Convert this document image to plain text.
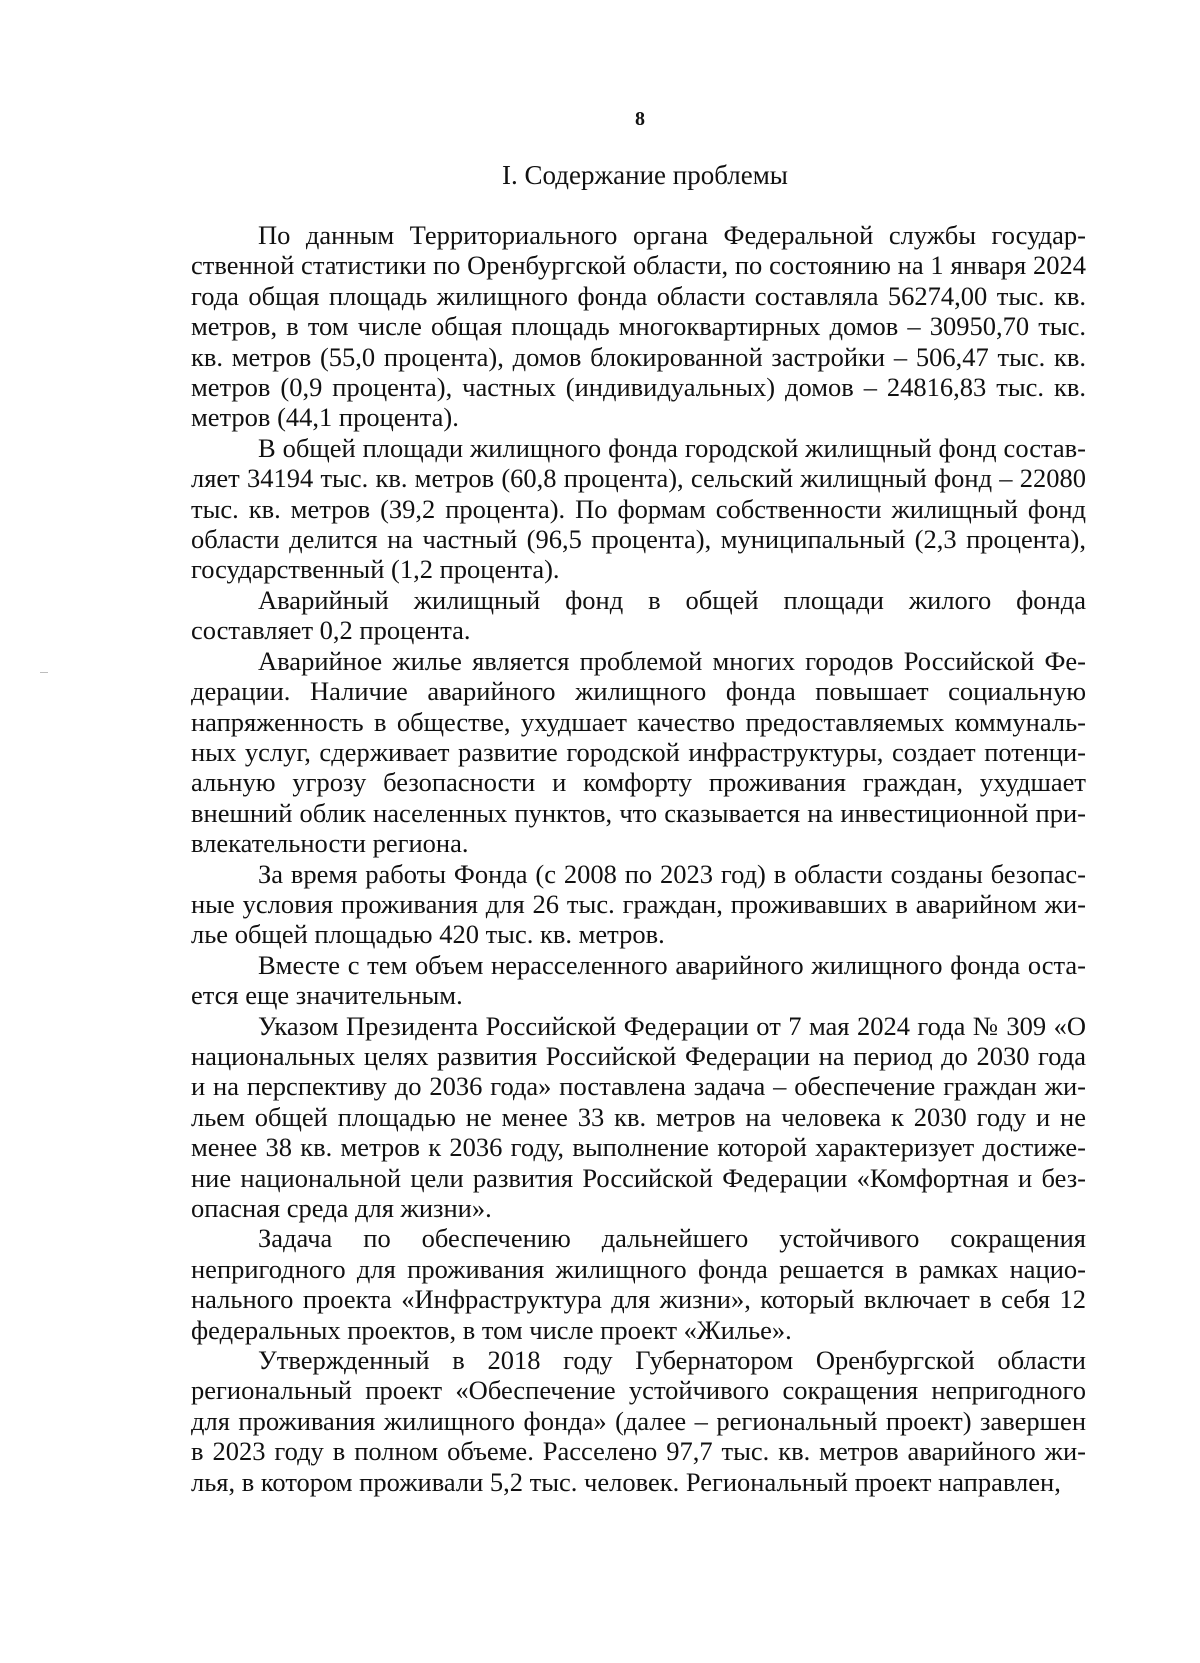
8
I. Содержание проблемы

По данным Территориального органа Федеральной службы государственной статистики по Оренбургской области, по состоянию на 1 января 2024 года общая площадь жилищного фонда области составляла 56274,00 тыс. кв. метров, в том числе общая площадь многоквартирных домов – 30950,70 тыс. кв. метров (55,0 процента), домов блокированной застройки – 506,47 тыс. кв. метров (0,9 процента), частных (индивидуальных) домов – 24816,83 тыс. кв. метров (44,1 процента).

В общей площади жилищного фонда городской жилищный фонд составляет 34194 тыс. кв. метров (60,8 процента), сельский жилищный фонд – 22080 тыс. кв. метров (39,2 процента). По формам собственности жилищный фонд области делится на частный (96,5 процента), муниципальный (2,3 процента), государственный (1,2 процента).

Аварийный жилищный фонд в общей площади жилого фонда составляет 0,2 процента.

Аварийное жилье является проблемой многих городов Российской Федерации. Наличие аварийного жилищного фонда повышает социальную напряженность в обществе, ухудшает качество предоставляемых коммунальных услуг, сдерживает развитие городской инфраструктуры, создает потенциальную угрозу безопасности и комфорту проживания граждан, ухудшает внешний облик населенных пунктов, что сказывается на инвестиционной привлекательности региона.

За время работы Фонда (с 2008 по 2023 год) в области созданы безопасные условия проживания для 26 тыс. граждан, проживавших в аварийном жилье общей площадью 420 тыс. кв. метров.

Вместе с тем объем нерасселенного аварийного жилищного фонда остается еще значительным.

Указом Президента Российской Федерации от 7 мая 2024 года № 309 «О национальных целях развития Российской Федерации на период до 2030 года и на перспективу до 2036 года» поставлена задача – обеспечение граждан жильем общей площадью не менее 33 кв. метров на человека к 2030 году и не менее 38 кв. метров к 2036 году, выполнение которой характеризует достижение национальной цели развития Российской Федерации «Комфортная и безопасная среда для жизни».

Задача по обеспечению дальнейшего устойчивого сокращения непригодного для проживания жилищного фонда решается в рамках национального проекта «Инфраструктура для жизни», который включает в себя 12 федеральных проектов, в том числе проект «Жилье».

Утвержденный в 2018 году Губернатором Оренбургской области региональный проект «Обеспечение устойчивого сокращения непригодного для проживания жилищного фонда» (далее – региональный проект) завершен в 2023 году в полном объеме. Расселено 97,7 тыс. кв. метров аварийного жилья, в котором проживали 5,2 тыс. человек. Региональный проект направлен,
